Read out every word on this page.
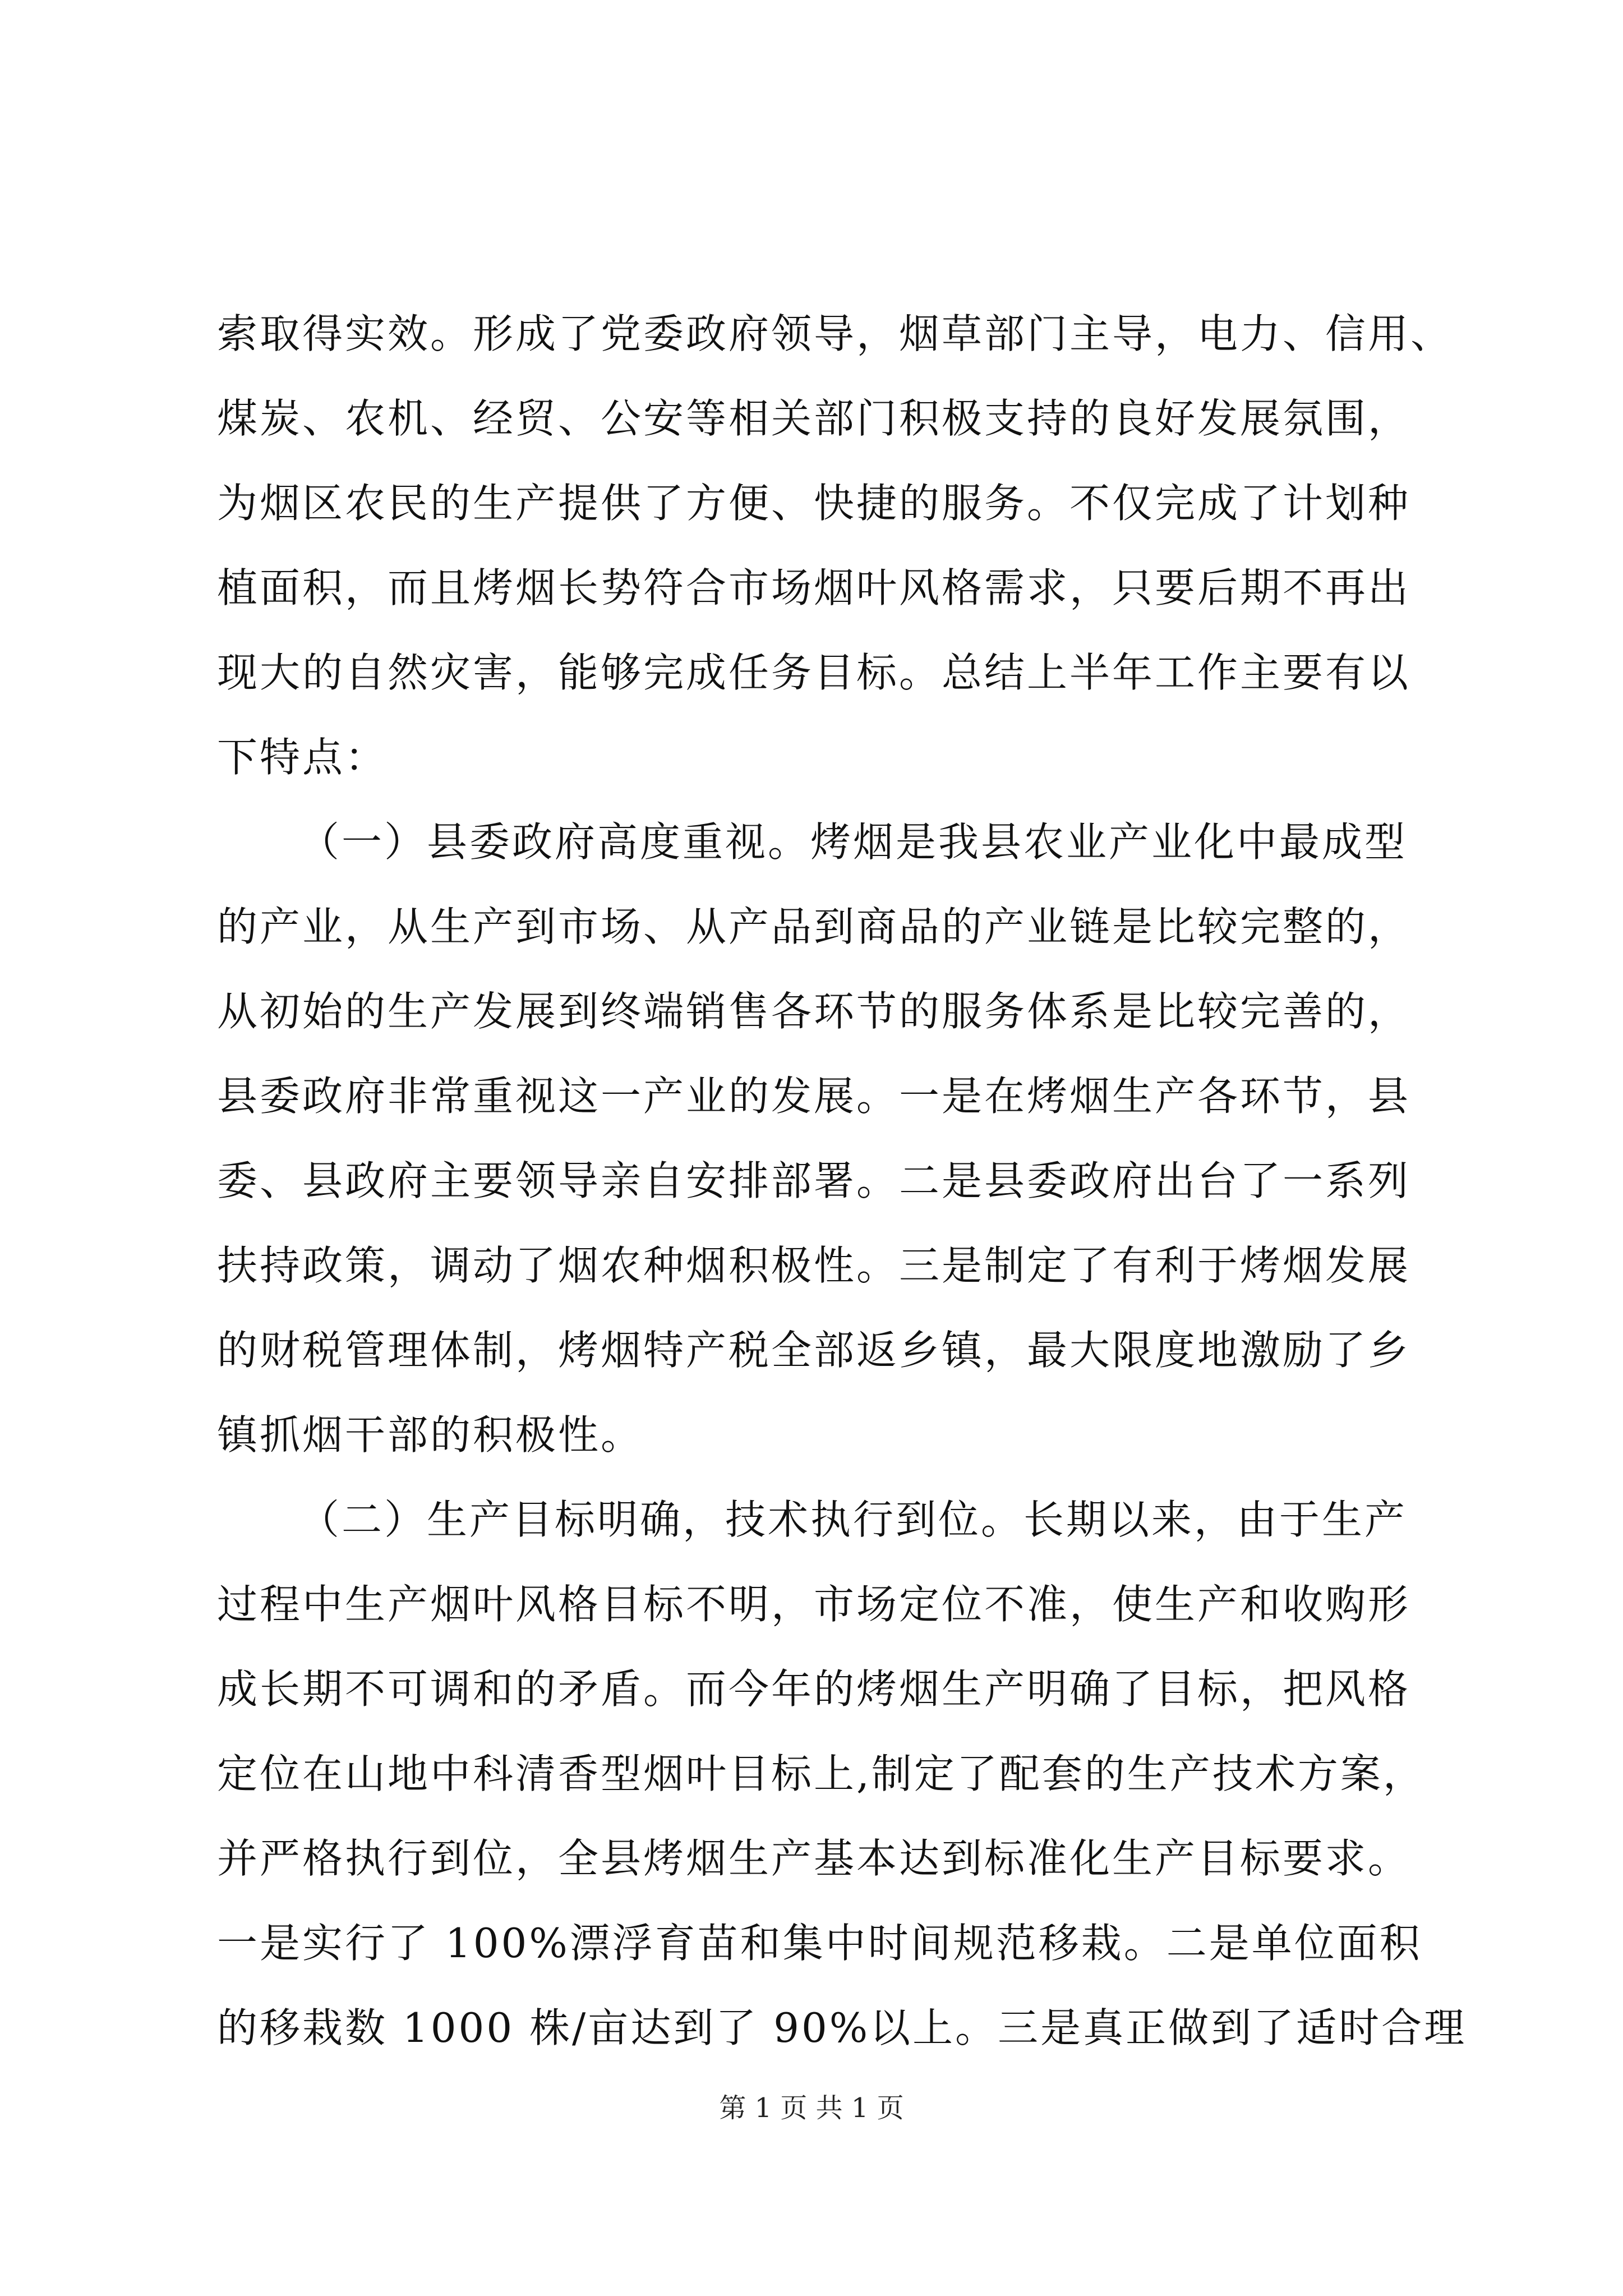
索取得实效。形成了党委政府领导，烟草部门主导，电力、信用、
煤炭、农机、经贸、公安等相关部门积极支持的良好发展氛围，
为烟区农民的生产提供了方便、快捷的服务。不仅完成了计划种
植面积，而且烤烟长势符合市场烟叶风格需求，只要后期不再出
现大的自然灾害，能够完成任务目标。总结上半年工作主要有以
下特点：
（一）县委政府高度重视。烤烟是我县农业产业化中最成型
的产业，从生产到市场、从产品到商品的产业链是比较完整的，
从初始的生产发展到终端销售各环节的服务体系是比较完善的，
县委政府非常重视这一产业的发展。一是在烤烟生产各环节，县
委、县政府主要领导亲自安排部署。二是县委政府出台了一系列
扶持政策，调动了烟农种烟积极性。三是制定了有利于烤烟发展
的财税管理体制，烤烟特产税全部返乡镇，最大限度地激励了乡
镇抓烟干部的积极性。
（二）生产目标明确，技术执行到位。长期以来，由于生产
过程中生产烟叶风格目标不明，市场定位不准，使生产和收购形
成长期不可调和的矛盾。而今年的烤烟生产明确了目标，把风格
定位在山地中科清香型烟叶目标上,制定了配套的生产技术方案，
并严格执行到位，全县烤烟生产基本达到标准化生产目标要求。
一是实行了 100%漂浮育苗和集中时间规范移栽。二是单位面积
的移栽数 1000 株/亩达到了 90%以上。三是真正做到了适时合理
第 1 页 共 1 页
